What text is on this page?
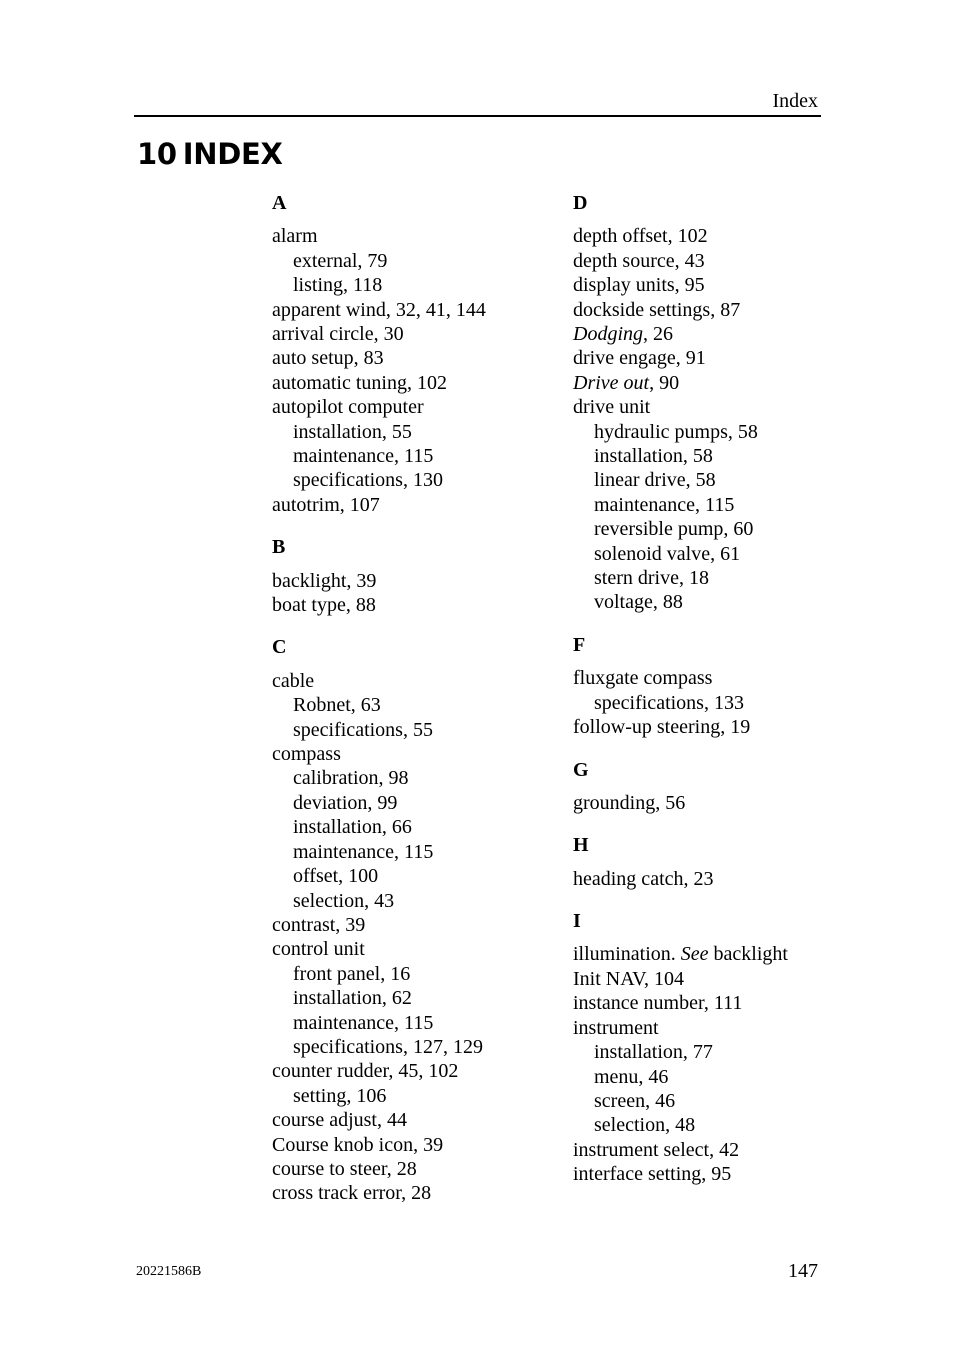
Index
10 INDEX
A
alarm
external, 79
listing, 118
apparent wind, 32, 41, 144
arrival circle, 30
auto setup, 83
automatic tuning, 102
autopilot computer
installation, 55
maintenance, 115
specifications, 130
autotrim, 107
B
backlight, 39
boat type, 88
C
cable
Robnet, 63
specifications, 55
compass
calibration, 98
deviation, 99
installation, 66
maintenance, 115
offset, 100
selection, 43
contrast, 39
control unit
front panel, 16
installation, 62
maintenance, 115
specifications, 127, 129
counter rudder, 45, 102
setting, 106
course adjust, 44
Course knob icon, 39
course to steer, 28
cross track error, 28
D
depth offset, 102
depth source, 43
display units, 95
dockside settings, 87
Dodging, 26
drive engage, 91
Drive out, 90
drive unit
hydraulic pumps, 58
installation, 58
linear drive, 58
maintenance, 115
reversible pump, 60
solenoid valve, 61
stern drive, 18
voltage, 88
F
fluxgate compass
specifications, 133
follow-up steering, 19
G
grounding, 56
H
heading catch, 23
I
illumination. See backlight
Init NAV, 104
instance number, 111
instrument
installation, 77
menu, 46
screen, 46
selection, 48
instrument select, 42
interface setting, 95
20221586B	147
